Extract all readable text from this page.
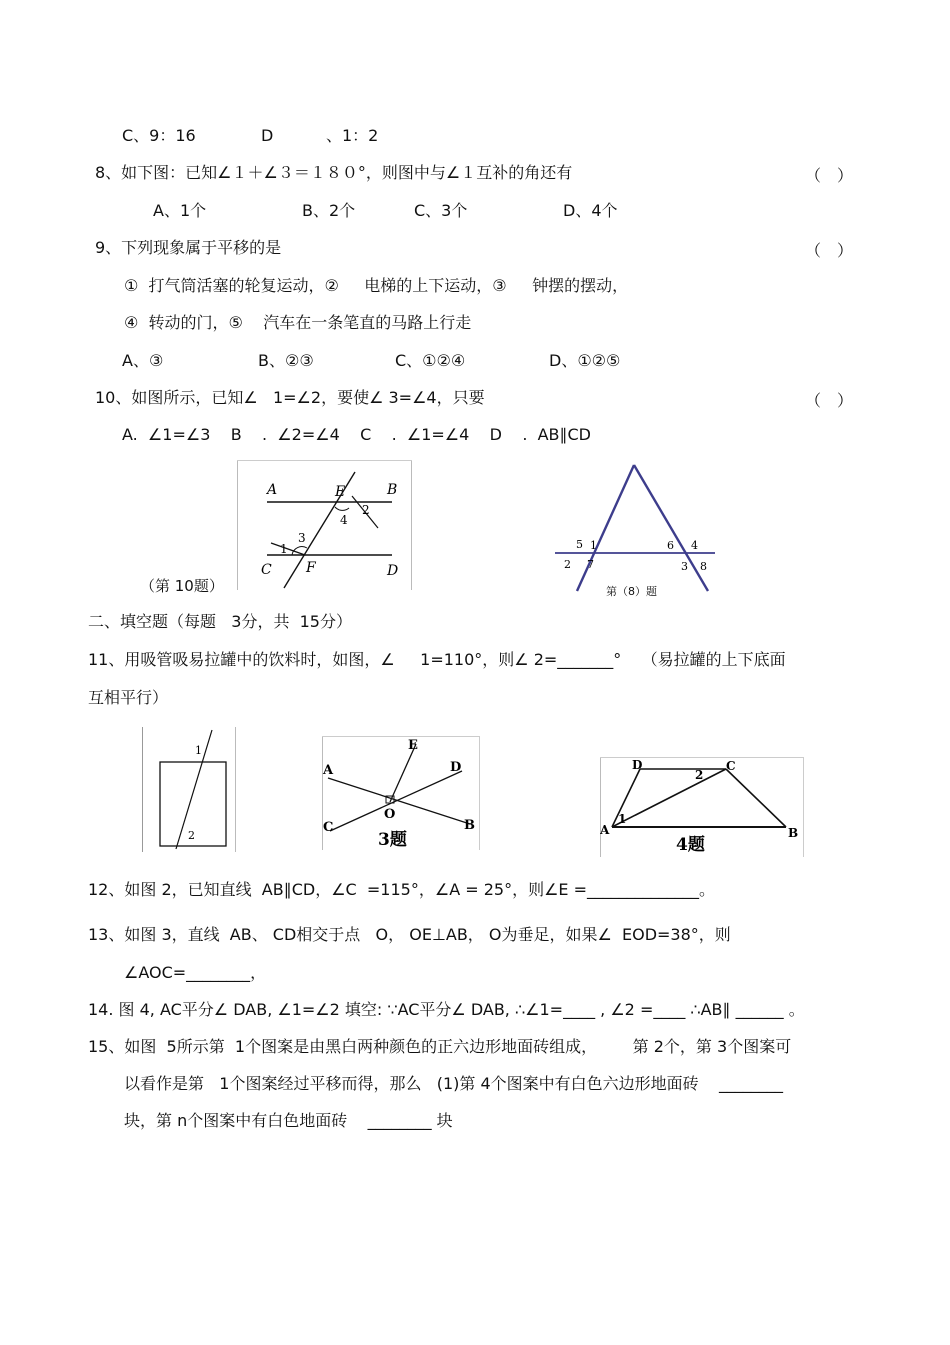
C、9：16	D	、1：2
8、如下图：已知∠１＋∠３＝１８０°，则图中与∠１互补的角还有	（　）
A、1个	B、2个	C、3个	D、4个
9、下列现象属于平移的是	（　）
①  打气筒活塞的轮复运动，②     电梯的上下运动，③     钟摆的摆动，
④  转动的门，⑤    汽车在一条笔直的马路上行走
A、③	B、②③	C、①②④	D、①②⑤
10、如图所示，已知∠   1=∠2，要使∠ 3=∠4，只要	（　）
A.  ∠1=∠3    B    .  ∠2=∠4    C    .  ∠1=∠4    D    .  AB∥CD
A	B
C	D
E
F
1
2
3
4
（第 10题）
5 1
2 7
6 4
3 8
第（8）题
二、填空题（每题   3分，共  15分）
11、用吸管吸易拉罐中的饮料时，如图，∠     1=110°，则∠ 2=_______°    （易拉罐的上下底面
互相平行）
1
2
A
B
C
D
E
O
3题
D	C
A	B
1
2
4题
12、如图 2，已知直线  AB∥CD，∠C  =115°，∠A = 25°，则∠E =______________。
13、如图 3，直线  AB、 CD相交于点   O， OE⊥AB， O为垂足，如果∠  EOD=38°，则
∠AOC=________，
14. 图 4, AC平分∠ DAB, ∠1=∠2 填空: ∵AC平分∠ DAB, ∴∠1=____ , ∠2 =____ ∴AB∥ ______ 。
15、如图  5所示第  1个图案是由黑白两种颜色的正六边形地面砖组成，       第 2个，第 3个图案可
以看作是第   1个图案经过平移而得，那么   (1)第 4个图案中有白色六边形地面砖    ________
块，第 n个图案中有白色地面砖    ________ 块
